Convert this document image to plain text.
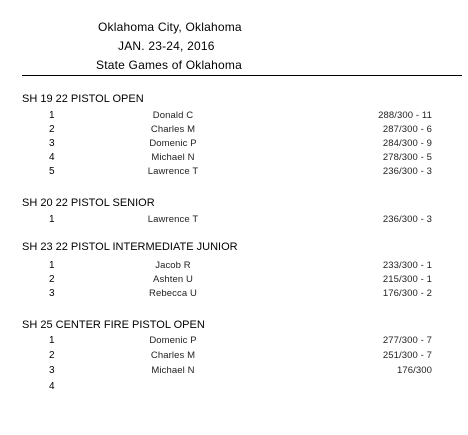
Oklahoma City, Oklahoma
JAN. 23-24, 2016
State Games of Oklahoma
SH 19 22 PISTOL OPEN
1	Donald C	288/300 - 11
2	Charles M	287/300 - 6
3	Domenic P	284/300 - 9
4	Michael N	278/300 - 5
5	Lawrence T	236/300 - 3
SH 20 22 PISTOL SENIOR
1	Lawrence T	236/300 - 3
SH 23 22 PISTOL INTERMEDIATE JUNIOR
1	Jacob R	233/300 - 1
2	Ashten U	215/300 - 1
3	Rebecca U	176/300 - 2
SH 25 CENTER FIRE PISTOL OPEN
1	Domenic P	277/300 - 7
2	Charles M	251/300 - 7
3	Michael N	176/300
4
